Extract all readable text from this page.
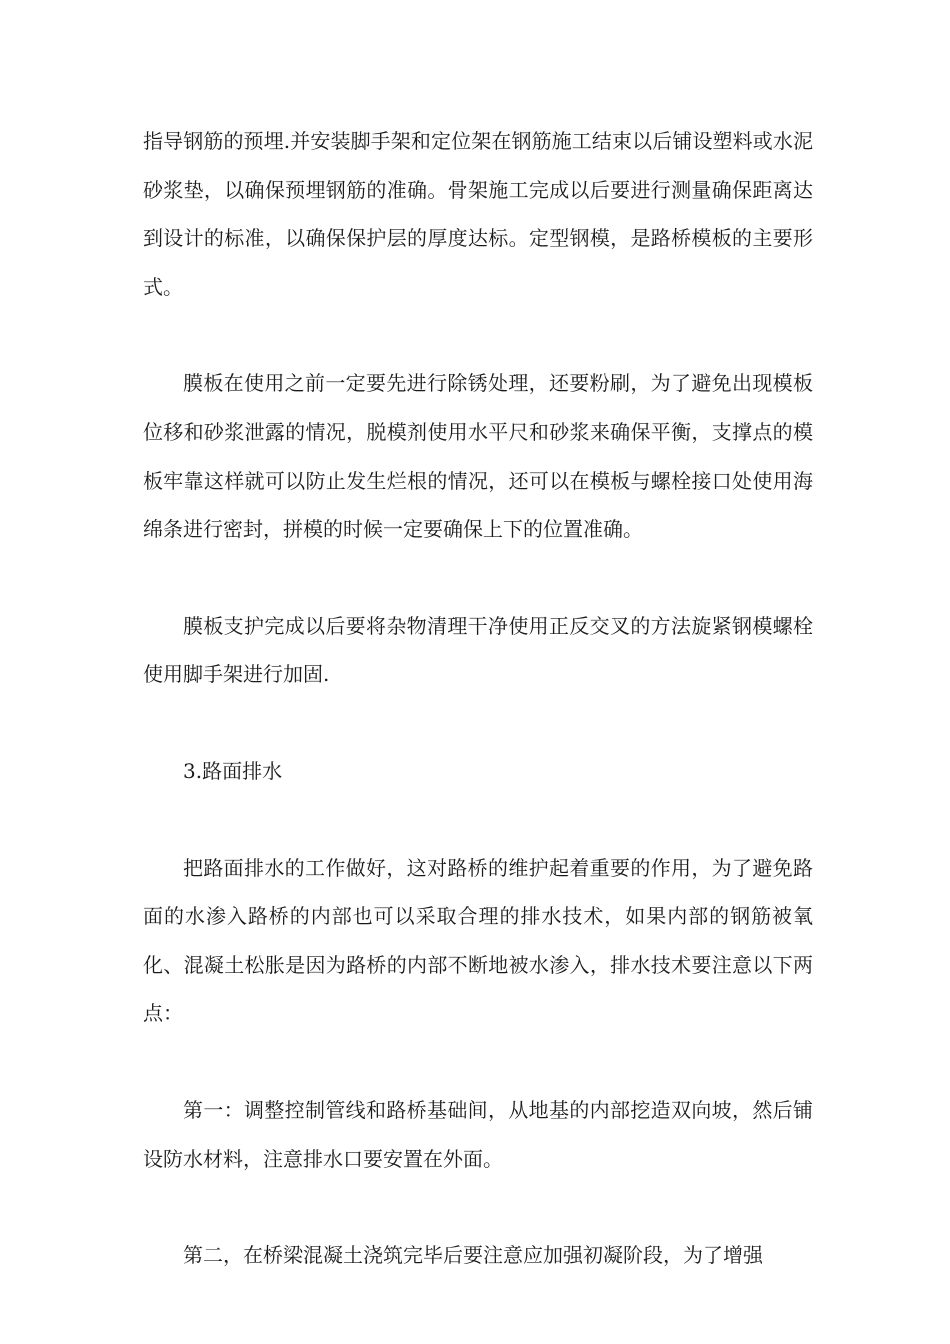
指导钢筋的预埋.并安装脚手架和定位架在钢筋施工结束以后铺设塑料或水泥砂浆垫，以确保预埋钢筋的准确。骨架施工完成以后要进行测量确保距离达到设计的标准，以确保保护层的厚度达标。定型钢模，是路桥模板的主要形式。

膜板在使用之前一定要先进行除锈处理，还要粉刷，为了避免出现模板位移和砂浆泄露的情况，脱模剂使用水平尺和砂浆来确保平衡，支撑点的模板牢靠这样就可以防止发生烂根的情况，还可以在模板与螺栓接口处使用海绵条进行密封，拼模的时候一定要确保上下的位置准确。

膜板支护完成以后要将杂物清理干净使用正反交叉的方法旋紧钢模螺栓使用脚手架进行加固.

3.路面排水

把路面排水的工作做好，这对路桥的维护起着重要的作用，为了避免路面的水渗入路桥的内部也可以采取合理的排水技术，如果内部的钢筋被氧化、混凝土松胀是因为路桥的内部不断地被水渗入，排水技术要注意以下两点：

第一：调整控制管线和路桥基础间，从地基的内部挖造双向坡，然后铺设防水材料，注意排水口要安置在外面。

第二，在桥梁混凝土浇筑完毕后要注意应加强初凝阶段，为了增强
